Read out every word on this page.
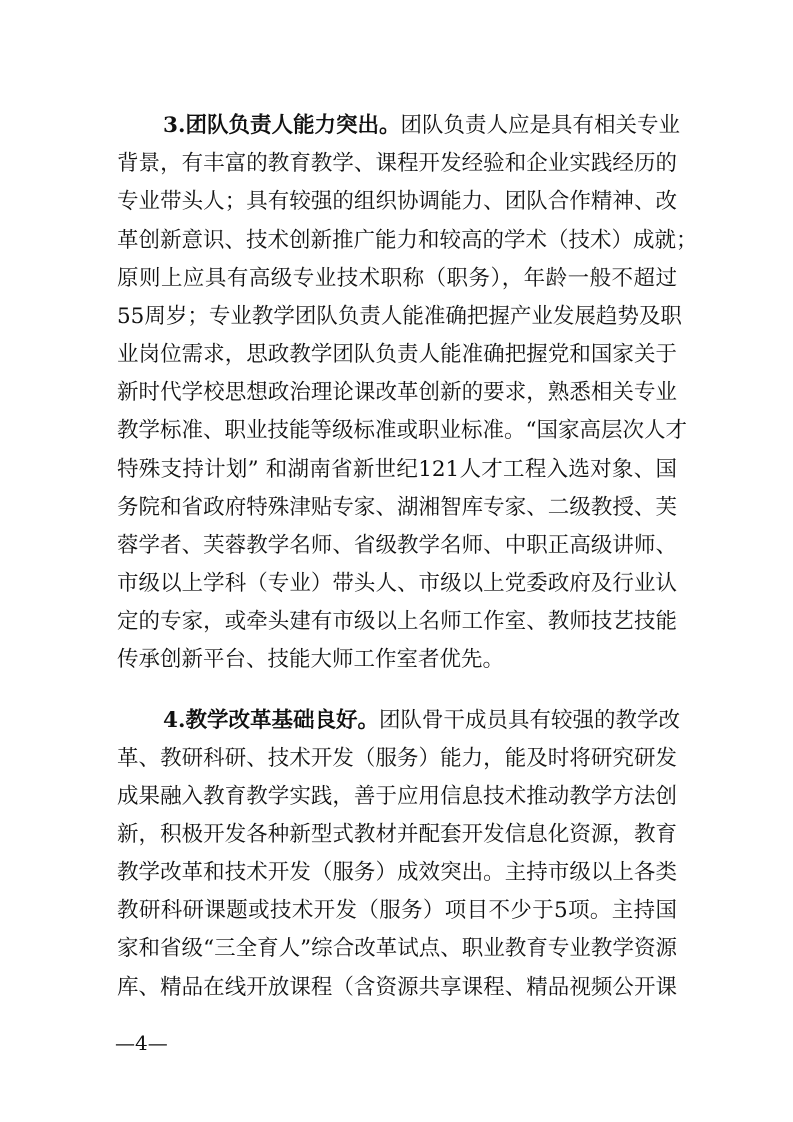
3.团队负责人能力突出。团队负责人应是具有相关专业
背景，有丰富的教育教学、课程开发经验和企业实践经历的
专业带头人；具有较强的组织协调能力、团队合作精神、改
革创新意识、技术创新推广能力和较高的学术（技术）成就；
原则上应具有高级专业技术职称（职务），年龄一般不超过
55周岁；专业教学团队负责人能准确把握产业发展趋势及职
业岗位需求，思政教学团队负责人能准确把握党和国家关于
新时代学校思想政治理论课改革创新的要求，熟悉相关专业
教学标准、职业技能等级标准或职业标准。“国家高层次人才
特殊支持计划” 和湖南省新世纪121人才工程入选对象、国
务院和省政府特殊津贴专家、湖湘智库专家、二级教授、芙
蓉学者、芙蓉教学名师、省级教学名师、中职正高级讲师、
市级以上学科（专业）带头人、市级以上党委政府及行业认
定的专家，或牵头建有市级以上名师工作室、教师技艺技能
传承创新平台、技能大师工作室者优先。
4.教学改革基础良好。团队骨干成员具有较强的教学改
革、教研科研、技术开发（服务）能力，能及时将研究研发
成果融入教育教学实践，善于应用信息技术推动教学方法创
新，积极开发各种新型式教材并配套开发信息化资源，教育
教学改革和技术开发（服务）成效突出。主持市级以上各类
教研科研课题或技术开发（服务）项目不少于5项。主持国
家和省级“三全育人”综合改革试点、职业教育专业教学资源
库、精品在线开放课程（含资源共享课程、精品视频公开课
—4—
